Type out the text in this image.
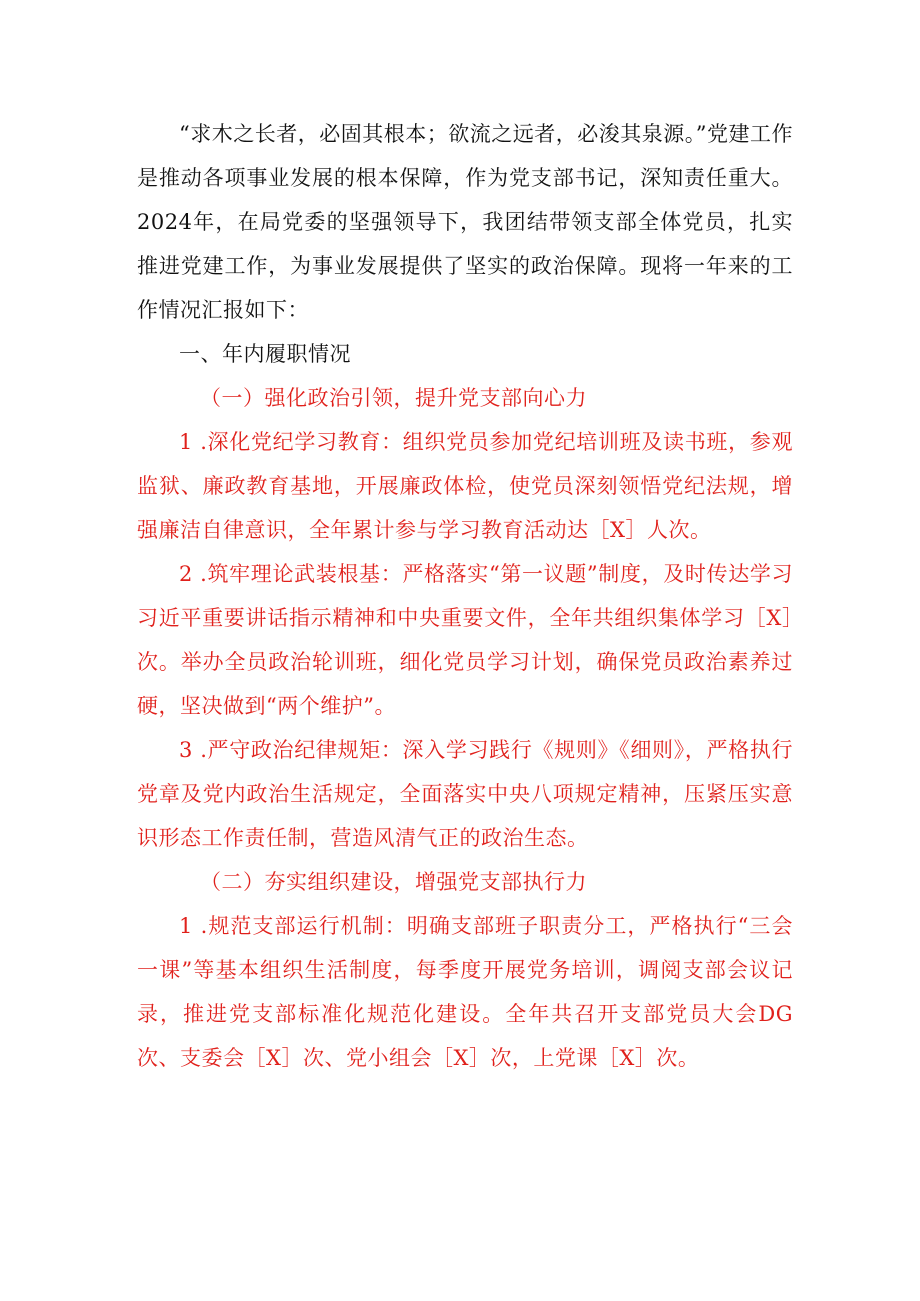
“求木之长者，必固其根本；欲流之远者，必浚其泉源。”党建工作是推动各项事业发展的根本保障，作为党支部书记，深知责任重大。2024年，在局党委的坚强领导下，我团结带领支部全体党员，扎实推进党建工作，为事业发展提供了坚实的政治保障。现将一年来的工作情况汇报如下：

一、年内履职情况

（一）强化政治引领，提升党支部向心力

1 .深化党纪学习教育：组织党员参加党纪培训班及读书班，参观监狱、廉政教育基地，开展廉政体检，使党员深刻领悟党纪法规，增强廉洁自律意识，全年累计参与学习教育活动达［X］人次。

2 .筑牢理论武装根基：严格落实“第一议题”制度，及时传达学习习近平重要讲话指示精神和中央重要文件，全年共组织集体学习［X］次。举办全员政治轮训班，细化党员学习计划，确保党员政治素养过硬，坚决做到“两个维护”。

3 .严守政治纪律规矩：深入学习践行《规则》《细则》，严格执行党章及党内政治生活规定，全面落实中央八项规定精神，压紧压实意识形态工作责任制，营造风清气正的政治生态。

（二）夯实组织建设，增强党支部执行力

1 .规范支部运行机制：明确支部班子职责分工，严格执行“三会一课”等基本组织生活制度，每季度开展党务培训，调阅支部会议记录，推进党支部标准化规范化建设。全年共召开支部党员大会DG次、支委会［X］次、党小组会［X］次，上党课［X］次。
